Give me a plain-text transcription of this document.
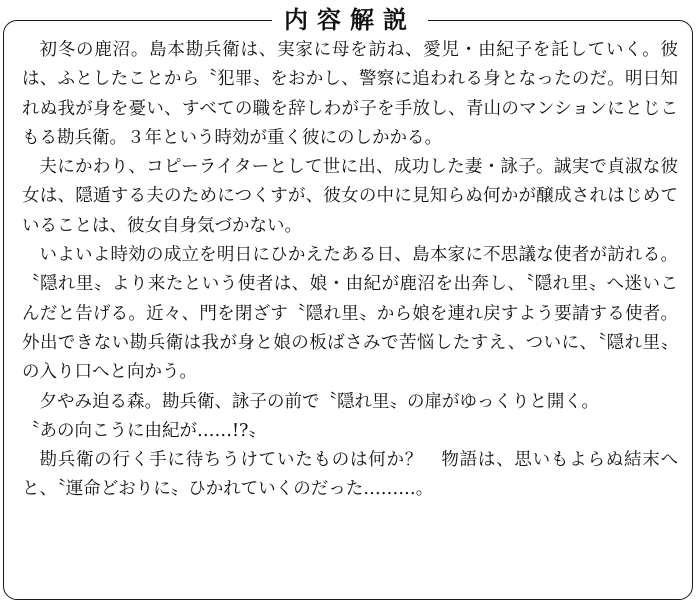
内容解説

初冬の鹿沼。島本勘兵衛は、実家に母を訪ね、愛児・由紀子を託していく。彼は、ふとしたことから〝犯罪〟をおかし、警察に追われる身となったのだ。明日知れぬ我が身を憂い、すべての職を辞しわが子を手放し、青山のマンションにとじこもる勘兵衛。３年という時効が重く彼にのしかかる。

夫にかわり、コピーライターとして世に出、成功した妻・詠子。誠実で貞淑な彼女は、隠遁する夫のためにつくすが、彼女の中に見知らぬ何かが醸成されはじめていることは、彼女自身気づかない。

いよいよ時効の成立を明日にひかえたある日、島本家に不思議な使者が訪れる。〝隠れ里〟より来たという使者は、娘・由紀が鹿沼を出奔し、〝隠れ里〟へ迷いこんだと告げる。近々、門を閉ざす〝隠れ里〟から娘を連れ戻すよう要請する使者。外出できない勘兵衛は我が身と娘の板ばさみで苦悩したすえ、ついに、〝隠れ里〟の入り口へと向かう。

夕やみ迫る森。勘兵衛、詠子の前で〝隠れ里〟の扉がゆっくりと開く。

〝あの向こうに由紀が……!?〟

勘兵衛の行く手に待ちうけていたものは何か？　物語は、思いもよらぬ結末へと、〝運命どおりに〟ひかれていくのだった………。
